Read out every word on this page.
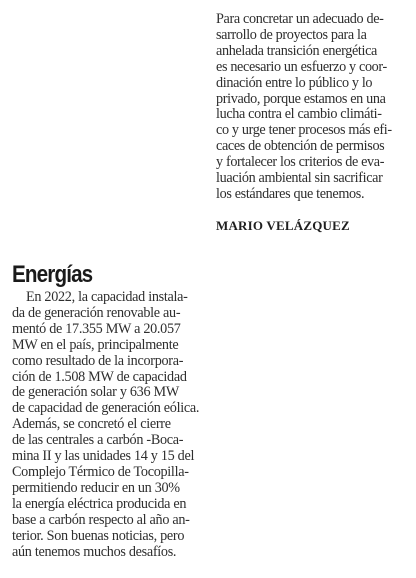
Para concretar un adecuado de-
sarrollo de proyectos para la
anhelada transición energética
es necesario un esfuerzo y coor-
dinación entre lo público y lo
privado, porque estamos en una
lucha contra el cambio climáti-
co y urge tener procesos más efi-
caces de obtención de permisos
y fortalecer los criterios de eva-
luación ambiental sin sacrificar
los estándares que tenemos.

MARIO VELÁZQUEZ
Energías

En 2022, la capacidad instala-
da de generación renovable au-
mentó de 17.355 MW a 20.057
MW en el país, principalmente
como resultado de la incorpora-
ción de 1.508 MW de capacidad
de generación solar y 636 MW
de capacidad de generación eólica.
Además, se concretó el cierre
de las centrales a carbón -Boca-
mina II y las unidades 14 y 15 del
Complejo Térmico de Tocopilla-
permitiendo reducir en un 30%
la energía eléctrica producida en
base a carbón respecto al año an-
terior. Son buenas noticias, pero
aún tenemos muchos desafíos.
